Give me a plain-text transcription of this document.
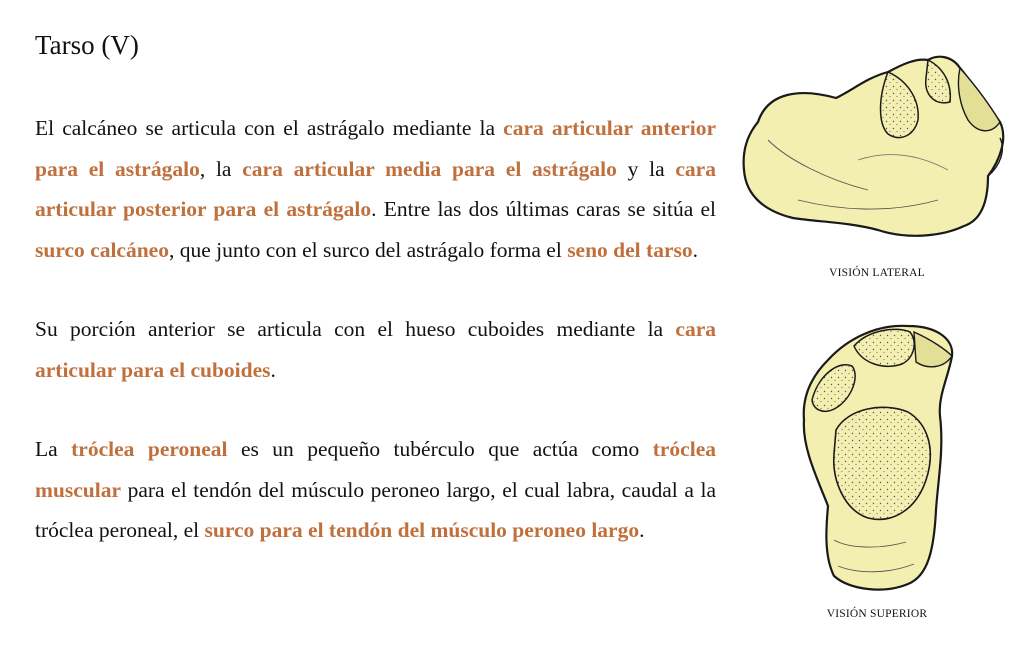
Tarso (V)

El calcáneo se articula con el astrágalo mediante la cara articular anterior para el astrágalo, la cara articular media para el astrágalo y la cara articular posterior para el astrágalo. Entre las dos últimas caras se sitúa el surco calcáneo, que junto con el surco del astrágalo forma el seno del tarso.

Su porción anterior se articula con el hueso cuboides mediante la cara articular para el cuboides.

La tróclea peroneal es un pequeño tubérculo que actúa como tróclea muscular para el tendón del músculo peroneo largo, el cual labra, caudal a la tróclea peroneal, el surco para el tendón del músculo peroneo largo.

VISIÓN LATERAL
VISIÓN SUPERIOR
